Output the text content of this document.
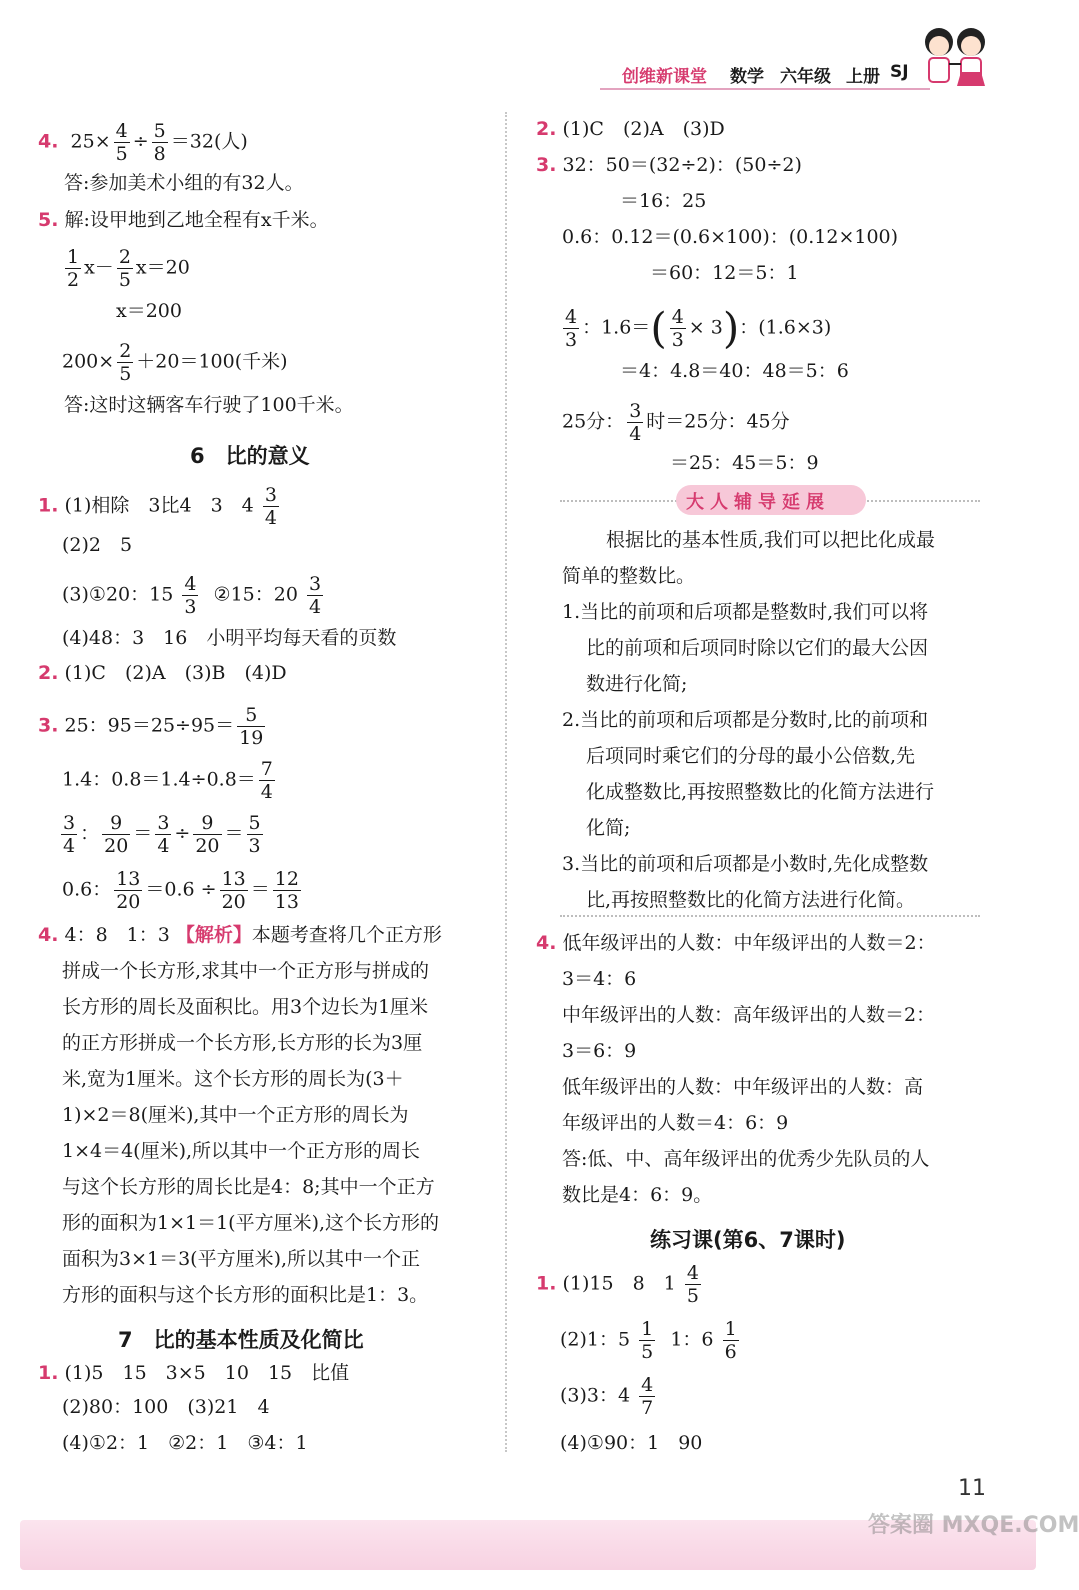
创维新课堂 数学 六年级 上册 SJ
4. $25\times \frac{4}{5} \div \frac{5}{8} =32$(人)
答:参加美术小组的有32人。
5. 解:设甲地到乙地全程有x千米。
$\frac{1}{2} x- \frac{2}{5} x=20$
x＝200
$200\times \frac{2}{5} +20=100$(千米)
答:这时这辆客车行驶了100千米。
6　比的意义
1. (1)相除　3比4　3　$4 \frac{3}{4}$
(2)2　5
(3)①20：$15 \frac{4}{3}$ ②15：$20 \frac{3}{4}$
(4)48：3　16　小明平均每天看的页数
2. (1)C　(2)A　(3)B　(4)D
3. 25：$95=25\div 95= \frac{5}{19}$
1.4：$0.8=1.4\div 0.8= \frac{7}{4}$
$\frac{3}{4}$ ： $\frac{9}{20} = \frac{3}{4} \div \frac{9}{20} = \frac{5}{3}$
0.6： $\frac{13}{20} =0.6 \div \frac{13}{20} = \frac{12}{13}$
4. 4：8　1：3 【解析】本题考查将几个正方形
拼成一个长方形,求其中一个正方形与拼成的
长方形的周长及面积比。用3个边长为1厘米
的正方形拼成一个长方形,长方形的长为3厘
米,宽为1厘米。这个长方形的周长为(3＋
1)×2＝8(厘米),其中一个正方形的周长为
1×4＝4(厘米),所以其中一个正方形的周长
与这个长方形的周长比是4：8;其中一个正方
形的面积为1×1＝1(平方厘米),这个长方形的
面积为3×1＝3(平方厘米),所以其中一个正
方形的面积与这个长方形的面积比是1：3。
7　比的基本性质及化简比
1. (1)5　15　3×5　10　15　比值
(2)80：100　(3)21　4
(4)①2：1　②2：1　③4：1
2. (1)C　(2)A　(3)D
3. 32：50＝(32÷2)：(50÷2)
＝16：25
0.6：0.12＝(0.6×100)：(0.12×100)
＝60：12＝5：1
$\frac{4}{3}$ ：$1.6=( \frac{4}{3} \times 3)$：(1.6×3)
＝4：4.8＝40：48＝5：6
25分： $\frac{3}{4}$ 时＝25分：45分
＝25：45＝5：9
大人辅导延展
根据比的基本性质,我们可以把比化成最
简单的整数比。
1.当比的前项和后项都是整数时,我们可以将
比的前项和后项同时除以它们的最大公因
数进行化简;
2.当比的前项和后项都是分数时,比的前项和
后项同时乘它们的分母的最小公倍数,先
化成整数比,再按照整数比的化简方法进行
化简;
3.当比的前项和后项都是小数时,先化成整数
比,再按照整数比的化简方法进行化简。
4. 低年级评出的人数：中年级评出的人数＝2：
3＝4：6
中年级评出的人数：高年级评出的人数＝2：
3＝6：9
低年级评出的人数：中年级评出的人数：高
年级评出的人数＝4：6：9
答:低、中、高年级评出的优秀少先队员的人
数比是4：6：9。
练习课(第6、7课时)
1. (1)15　8　$1 \frac{4}{5}$
(2)1：$5 \frac{1}{5} 1$：$6 \frac{1}{6}$
(3)3：$4 \frac{4}{7}$
(4)①90：1　90
11
答案圈 MXQE.COM
